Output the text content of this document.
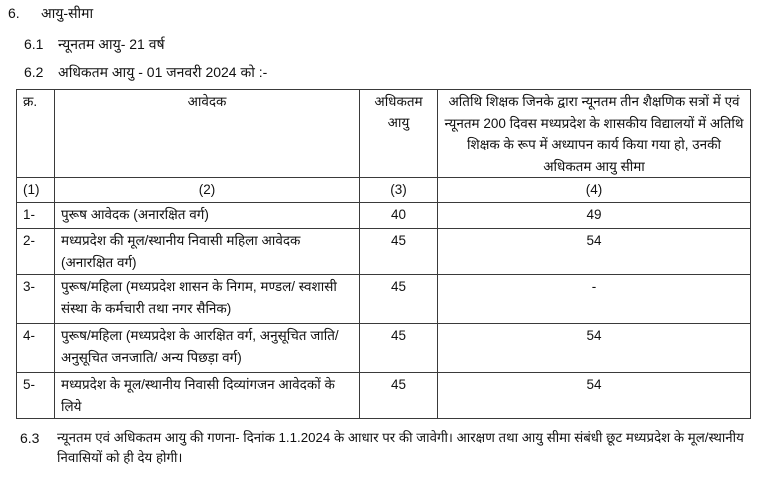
6. आयु-सीमा
6.1 न्यूनतम आयु- 21 वर्ष
6.2 अधिकतम आयु - 01 जनवरी 2024 को :-
क्र.	आवेदक	अधिकतम आयु	अतिथि शिक्षक जिनके द्वारा न्यूनतम तीन शैक्षणिक सत्रों में एवं न्यूनतम 200 दिवस मध्यप्रदेश के शासकीय विद्यालयों में अतिथि शिक्षक के रूप में अध्यापन कार्य किया गया हो, उनकी अधिकतम आयु सीमा
(1)	(2)	(3)	(4)
1-	पुरूष आवेदक (अनारक्षित वर्ग)	40	49
2-	मध्यप्रदेश की मूल/स्थानीय निवासी महिला आवेदक (अनारक्षित वर्ग)	45	54
3-	पुरूष/महिला (मध्यप्रदेश शासन के निगम, मण्डल/ स्वशासी संस्था के कर्मचारी तथा नगर सैनिक)	45	-
4-	पुरूष/महिला (मध्यप्रदेश के आरक्षित वर्ग, अनुसूचित जाति/अनुसूचित जनजाति/ अन्य पिछड़ा वर्ग)	45	54
5-	मध्यप्रदेश के मूल/स्थानीय निवासी दिव्यांगजन आवेदकों के लिये	45	54
6.3	न्यूनतम एवं अधिकतम आयु की गणना- दिनांक 1.1.2024 के आधार पर की जावेगी। आरक्षण तथा आयु सीमा संबंधी छूट मध्यप्रदेश के मूल/स्थानीय निवासियों को ही देय होगी।
